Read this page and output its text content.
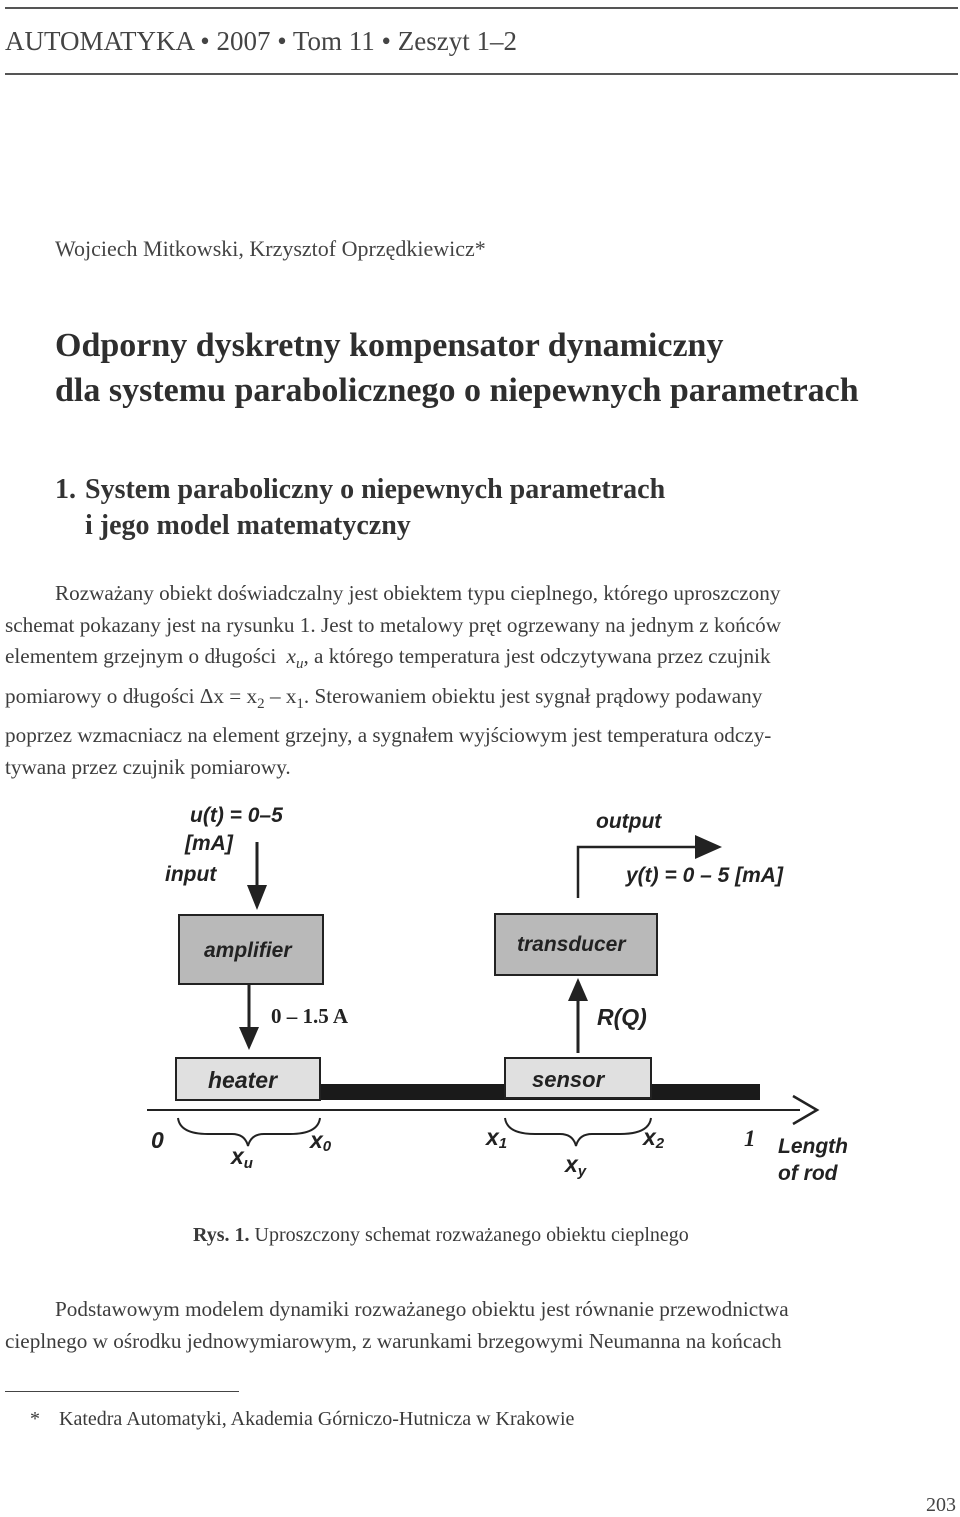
AUTOMATYKA • 2007 • Tom 11 • Zeszyt 1–2
Wojciech Mitkowski, Krzysztof Oprzędkiewicz*
Odporny dyskretny kompensator dynamiczny
dla systemu parabolicznego o niepewnych parametrach
1. System paraboliczny o niepewnych parametrach
i jego model matematyczny
Rozważany obiekt doświadczalny jest obiektem typu cieplnego, którego uproszczony
schemat pokazany jest na rysunku 1. Jest to metalowy pręt ogrzewany na jednym z końców
elementem grzejnym o długości $x_u$, a którego temperatura jest odczytywana przez czujnik
pomiarowy o długości $\Delta x = x_2 - x_1$. Sterowaniem obiektu jest sygnał prądowy podawany
poprzez wzmacniacz na element grzejny, a sygnałem wyjściowym jest temperatura odczy-
tywana przez czujnik pomiarowy.
u(t) = 0–5
[mA]
input
amplifier	transducer
output
y(t) = 0 – 5 [mA]
0 – 1.5 A	R(Q)
heater	sensor
0	1
x0	x1	x2
xu	xy
Length
of rod
Rys. 1. Uproszczony schemat rozważanego obiektu cieplnego
Podstawowym modelem dynamiki rozważanego obiektu jest równanie przewodnictwa
cieplnego w ośrodku jednowymiarowym, z warunkami brzegowymi Neumanna na końcach
* Katedra Automatyki, Akademia Górniczo-Hutnicza w Krakowie
203
